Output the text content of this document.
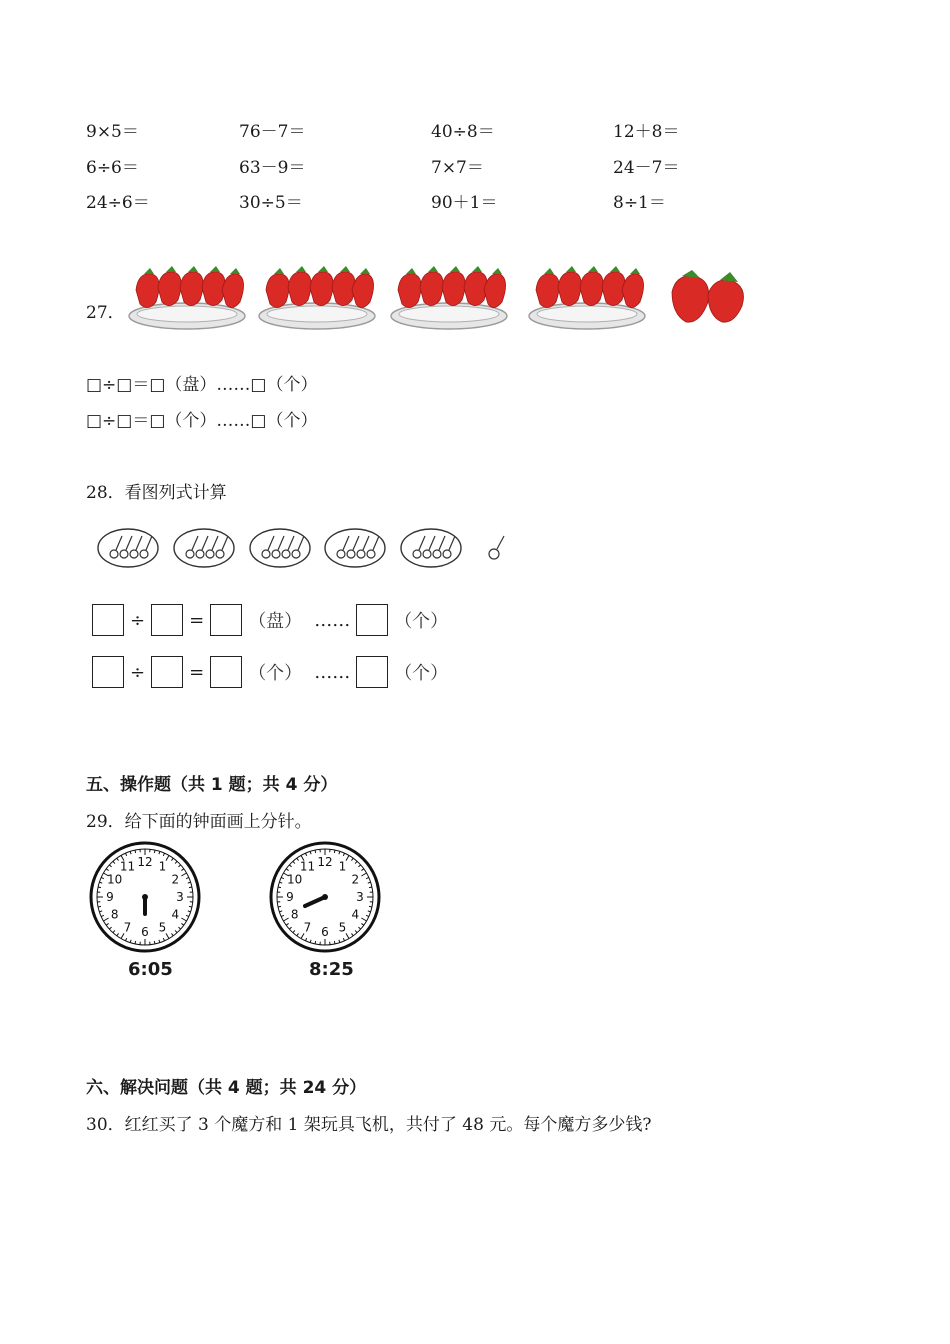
9×5＝	76－7＝	40÷8＝	12＋8＝
6÷6＝	63－9＝	7×7＝	24－7＝
24÷6＝	30÷5＝	90＋1＝	8÷1＝
27．
□÷□＝□（盘）……□（个）
□÷□＝□（个）……□（个）
28．看图列式计算
÷ = （盘） …… （个）
÷ = （个） …… （个）
五、操作题（共 1 题；共 4 分）
29．给下面的钟面画上分针。
12 1
2
3
4
5
6
7
8
9
10
11
6:05
12 1
2
3
4
5
6
7
8
9
10
11
8:25
六、解决问题（共 4 题；共 24 分）
30．红红买了 3 个魔方和 1 架玩具飞机，共付了 48 元。每个魔方多少钱?
